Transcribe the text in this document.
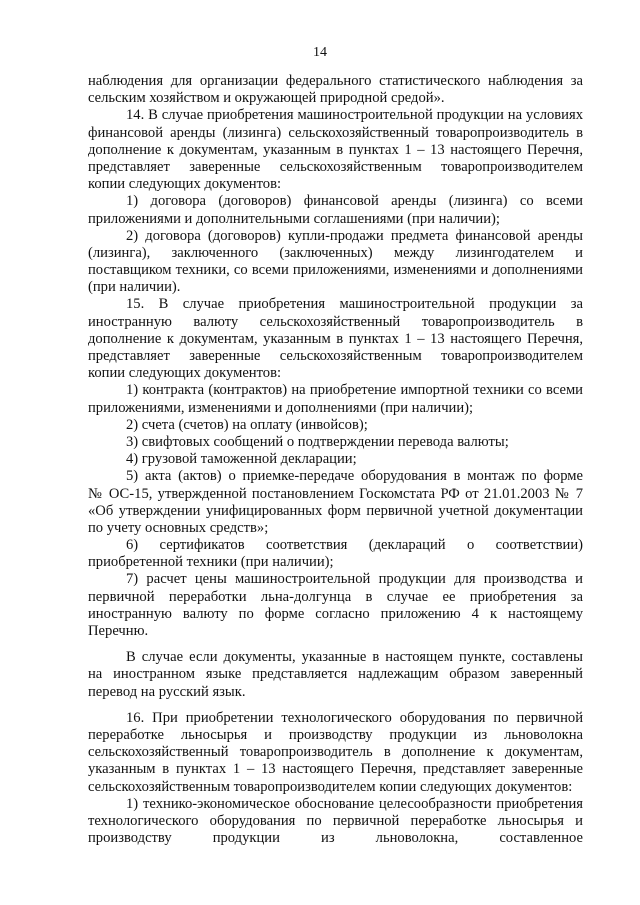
14
наблюдения для организации федерального статистического наблюдения за
сельским хозяйством и окружающей природной средой».
14. В случае приобретения машиностроительной продукции на условиях
финансовой аренды (лизинга) сельскохозяйственный товаропроизводитель в
дополнение к документам, указанным в пунктах 1 – 13 настоящего Перечня,
представляет заверенные сельскохозяйственным товаропроизводителем
копии следующих документов:
1) договора (договоров) финансовой аренды (лизинга) со всеми
приложениями и дополнительными соглашениями (при наличии);
2) договора (договоров) купли-продажи предмета финансовой аренды
(лизинга), заключенного (заключенных) между лизингодателем и
поставщиком техники, со всеми приложениями, изменениями и дополнениями
(при наличии).
15. В случае приобретения машиностроительной продукции за
иностранную валюту сельскохозяйственный товаропроизводитель в
дополнение к документам, указанным в пунктах 1 – 13 настоящего Перечня,
представляет заверенные сельскохозяйственным товаропроизводителем
копии следующих документов:
1) контракта (контрактов) на приобретение импортной техники со всеми
приложениями, изменениями и дополнениями (при наличии);
2) счета (счетов) на оплату (инвойсов);
3) свифтовых сообщений о подтверждении перевода валюты;
4) грузовой таможенной декларации;
5) акта (актов) о приемке-передаче оборудования в монтаж по форме
№ ОС-15, утвержденной постановлением Госкомстата РФ от 21.01.2003 № 7
«Об утверждении унифицированных форм первичной учетной документации
по учету основных средств»;
6) сертификатов соответствия (деклараций о соответствии)
приобретенной техники (при наличии);
7) расчет цены машиностроительной продукции для производства и
первичной переработки льна-долгунца в случае ее приобретения за
иностранную валюту по форме согласно приложению 4 к настоящему
Перечню.
В случае если документы, указанные в настоящем пункте, составлены
на иностранном языке представляется надлежащим образом заверенный
перевод на русский язык.
16. При приобретении технологического оборудования по первичной
переработке льносырья и производству продукции из льноволокна
сельскохозяйственный товаропроизводитель в дополнение к документам,
указанным в пунктах 1 – 13 настоящего Перечня, представляет заверенные
сельскохозяйственным товаропроизводителем копии следующих документов:
1) технико-экономическое обоснование целесообразности приобретения
технологического оборудования по первичной переработке льносырья и
производству продукции из льноволокна, составленное
